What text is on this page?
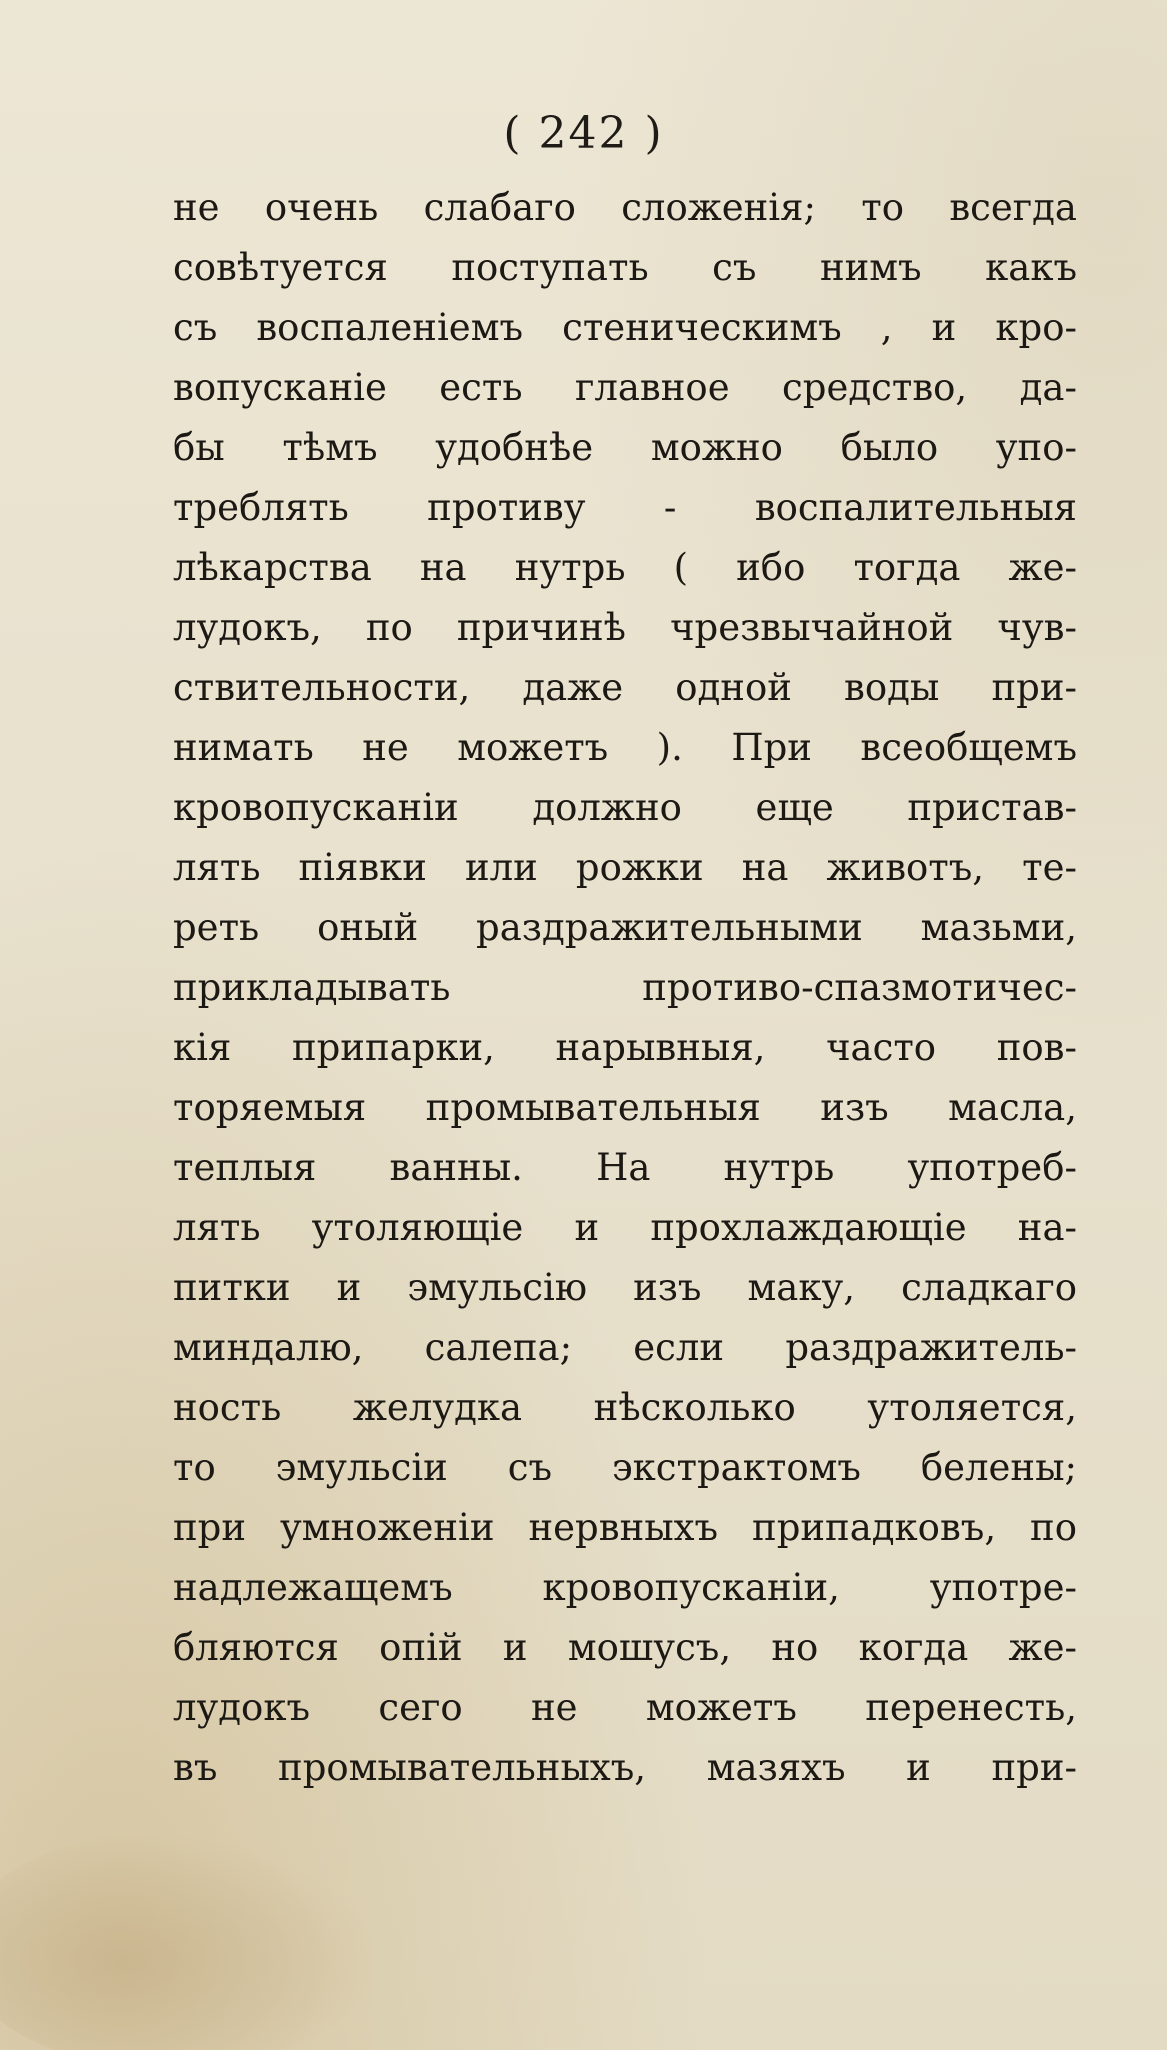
( 242 )
не очень слабаго сложенія; то всегда
совѣтуется поступать съ нимъ какъ
съ воспаленіемъ стеническимъ , и кро-
вопусканіе есть главное средство, да-
бы тѣмъ удобнѣе можно было упо-
треблять противу - воспалительныя
лѣкарства на нутрь ( ибо тогда же-
лудокъ, по причинѣ чрезвычайной чув-
ствительности, даже одной воды при-
нимать не можетъ ). При всеобщемъ
кровопусканіи должно еще пристав-
лять піявки или рожки на животъ, те-
реть оный раздражительными мазьми,
прикладывать противо-спазмотичес-
кія припарки, нарывныя, часто пов-
торяемыя промывательныя изъ масла,
теплыя ванны. На нутрь употреб-
лять утоляющіе и прохлаждающіе на-
питки и эмульсію изъ маку, сладкаго
миндалю, салепа; если раздражитель-
ность желудка нѣсколько утоляется,
то эмульсіи съ экстрактомъ белены;
при умноженіи нервныхъ припадковъ, по
надлежащемъ кровопусканіи, употре-
бляются опій и мошусъ, но когда же-
лудокъ сего не можетъ перенесть,
въ промывательныхъ, мазяхъ и при-
